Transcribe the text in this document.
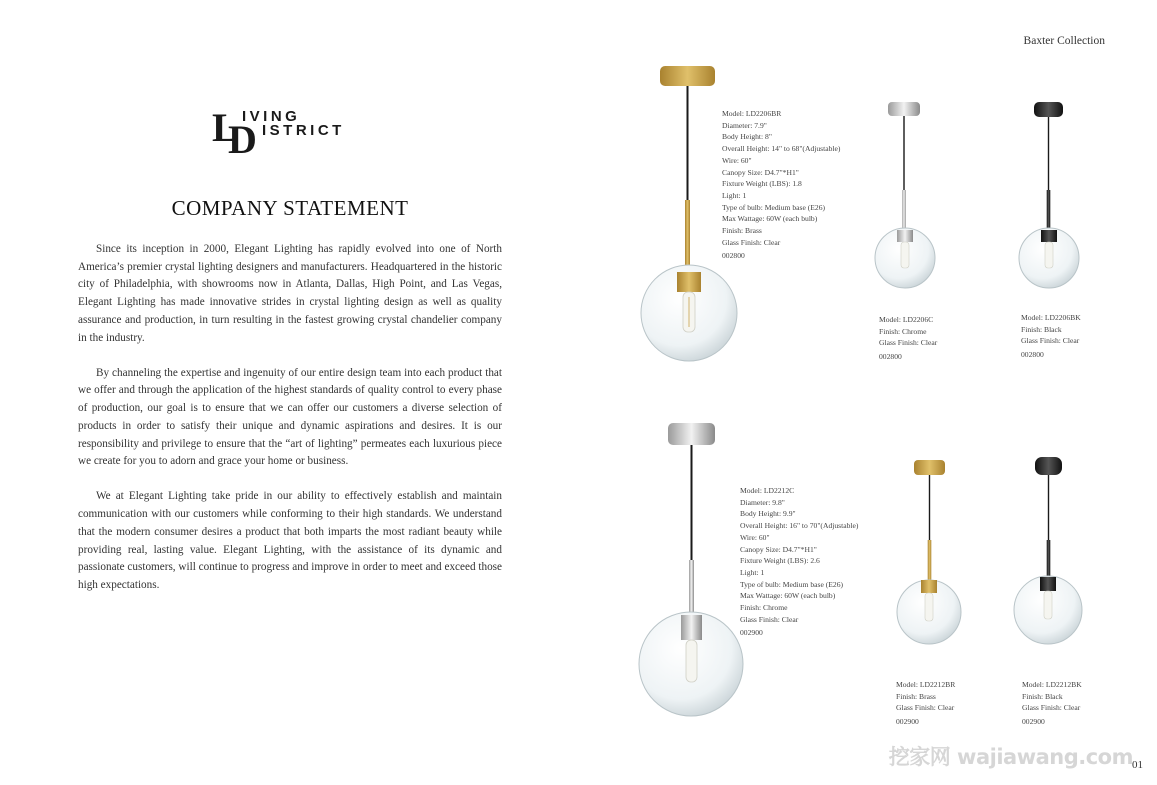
Baxter Collection
L
D
IVING
ISTRICT
COMPANY STATEMENT

Since its inception in 2000, Elegant Lighting has rapidly evolved into one of North America’s premier crystal lighting designers and manufacturers. Headquartered in the historic city of Philadelphia, with showrooms now in Atlanta, Dallas, High Point, and Las Vegas, Elegant Lighting has made innovative strides in crystal lighting design as well as quality assurance and production, in turn resulting in the fastest growing crystal chandelier company in the industry.

By channeling the expertise and ingenuity of our entire design team into each product that we offer and through the application of the highest standards of quality control to every phase of production, our goal is to ensure that we can offer our customers a diverse selection of products in order to satisfy their unique and dynamic aspirations and desires. It is our responsibility and privilege to ensure that the “art of lighting” permeates each luxurious piece we create for you to adorn and grace your home or business.

We at Elegant Lighting take pride in our ability to effectively establish and maintain communication with our customers while conforming to their high standards. We understand that the modern consumer desires a product that both imparts the most radiant beauty while providing real, lasting value. Elegant Lighting, with the assistance of its dynamic and passionate customers, will continue to progress and improve in order to meet and exceed those high expectations.

Model: LD2206BR
Diameter: 7.9"
Body Height: 8"
Overall Height: 14" to 68"(Adjustable)
Wire: 60"
Canopy Size: D4.7"*H1"
Fixture Weight (LBS): 1.8
Light: 1
Type of bulb: Medium base (E26)
Max Wattage: 60W (each bulb)
Finish: Brass
Glass Finish: Clear
002800
Model: LD2206C
Finish: Chrome
Glass Finish: Clear
002800
Model: LD2206BK
Finish: Black
Glass Finish: Clear
002800
Model: LD2212C
Diameter: 9.8"
Body Height: 9.9"
Overall Height: 16" to 70"(Adjustable)
Wire: 60"
Canopy Size: D4.7"*H1"
Fixture Weight (LBS): 2.6
Light: 1
Type of bulb: Medium base (E26)
Max Wattage: 60W (each bulb)
Finish: Chrome
Glass Finish: Clear
002900
Model: LD2212BR
Finish: Brass
Glass Finish: Clear
002900
Model: LD2212BK
Finish: Black
Glass Finish: Clear
002900
挖家网 wajiawang.com 01
